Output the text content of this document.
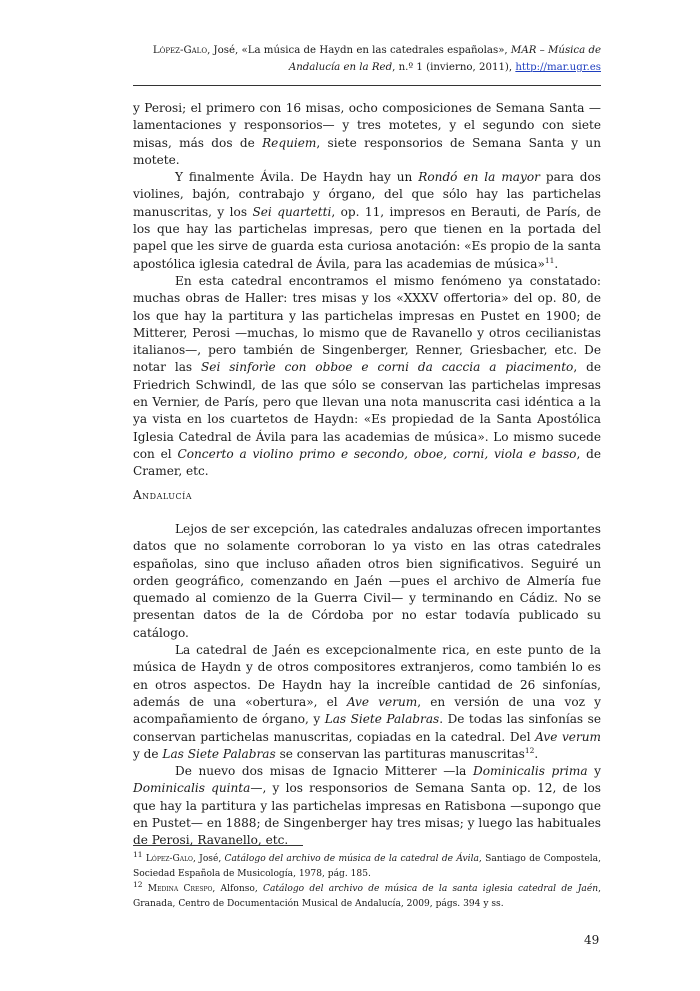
López-Galo, José, «La música de Haydn en las catedrales españolas», MAR – Música de Andalucía en la Red, n.º 1 (invierno, 2011), http://mar.ugr.es

y Perosi; el primero con 16 misas, ocho composiciones de Semana Santa —lamentaciones y responsorios— y tres motetes, y el segundo con siete misas, más dos de Requiem, siete responsorios de Semana Santa y un motete.

Y finalmente Ávila. De Haydn hay un Rondó en la mayor para dos violines, bajón, contrabajo y órgano, del que sólo hay las partichelas manuscritas, y los Sei quartetti, op. 11, impresos en Berauti, de París, de los que hay las partichelas impresas, pero que tienen en la portada del papel que les sirve de guarda esta curiosa anotación: «Es propio de la santa apostólica iglesia catedral de Ávila, para las academias de música»$^{11}$.

En esta catedral encontramos el mismo fenómeno ya constatado: muchas obras de Haller: tres misas y los «XXXV offertoria» del op. 80, de los que hay la partitura y las partichelas impresas en Pustet en 1900; de Mitterer, Perosi —muchas, lo mismo que de Ravanello y otros cecilianistas italianos—, pero también de Singenberger, Renner, Griesbacher, etc. De notar las Sei sinforìe con obboe e corni da caccia a piacimento, de Friedrich Schwindl, de las que sólo se conservan las partichelas impresas en Vernier, de París, pero que llevan una nota manuscrita casi idéntica a la ya vista en los cuartetos de Haydn: «Es propiedad de la Santa Apostólica Iglesia Catedral de Ávila para las academias de música». Lo mismo sucede con el Concerto a violino primo e secondo, oboe, corni, viola e basso, de Cramer, etc.

Andalucía

Lejos de ser excepción, las catedrales andaluzas ofrecen importantes datos que no solamente corroboran lo ya visto en las otras catedrales españolas, sino que incluso añaden otros bien significativos. Seguiré un orden geográfico, comenzando en Jaén —pues el archivo de Almería fue quemado al comienzo de la Guerra Civil— y terminando en Cádiz. No se presentan datos de la de Córdoba por no estar todavía publicado su catálogo.

La catedral de Jaén es excepcionalmente rica, en este punto de la música de Haydn y de otros compositores extranjeros, como también lo es en otros aspectos. De Haydn hay la increíble cantidad de 26 sinfonías, además de una «obertura», el Ave verum, en versión de una voz y acompañamiento de órgano, y Las Siete Palabras. De todas las sinfonías se conservan partichelas manuscritas, copiadas en la catedral. Del Ave verum y de Las Siete Palabras se conservan las partituras manuscritas$^{12}$.

De nuevo dos misas de Ignacio Mitterer —la Dominicalis prima y Dominicalis quinta—, y los responsorios de Semana Santa op. 12, de los que hay la partitura y las partichelas impresas en Ratisbona —supongo que en Pustet— en 1888; de Singenberger hay tres misas; y luego las habituales de Perosi, Ravanello, etc.

$^{11}$ López-Galo, José, Catálogo del archivo de música de la catedral de Ávila, Santiago de Compostela, Sociedad Española de Musicología, 1978, pág. 185.

$^{12}$ Medina Crespo, Alfonso, Catálogo del archivo de música de la santa iglesia catedral de Jaén, Granada, Centro de Documentación Musical de Andalucía, 2009, págs. 394 y ss.

49
